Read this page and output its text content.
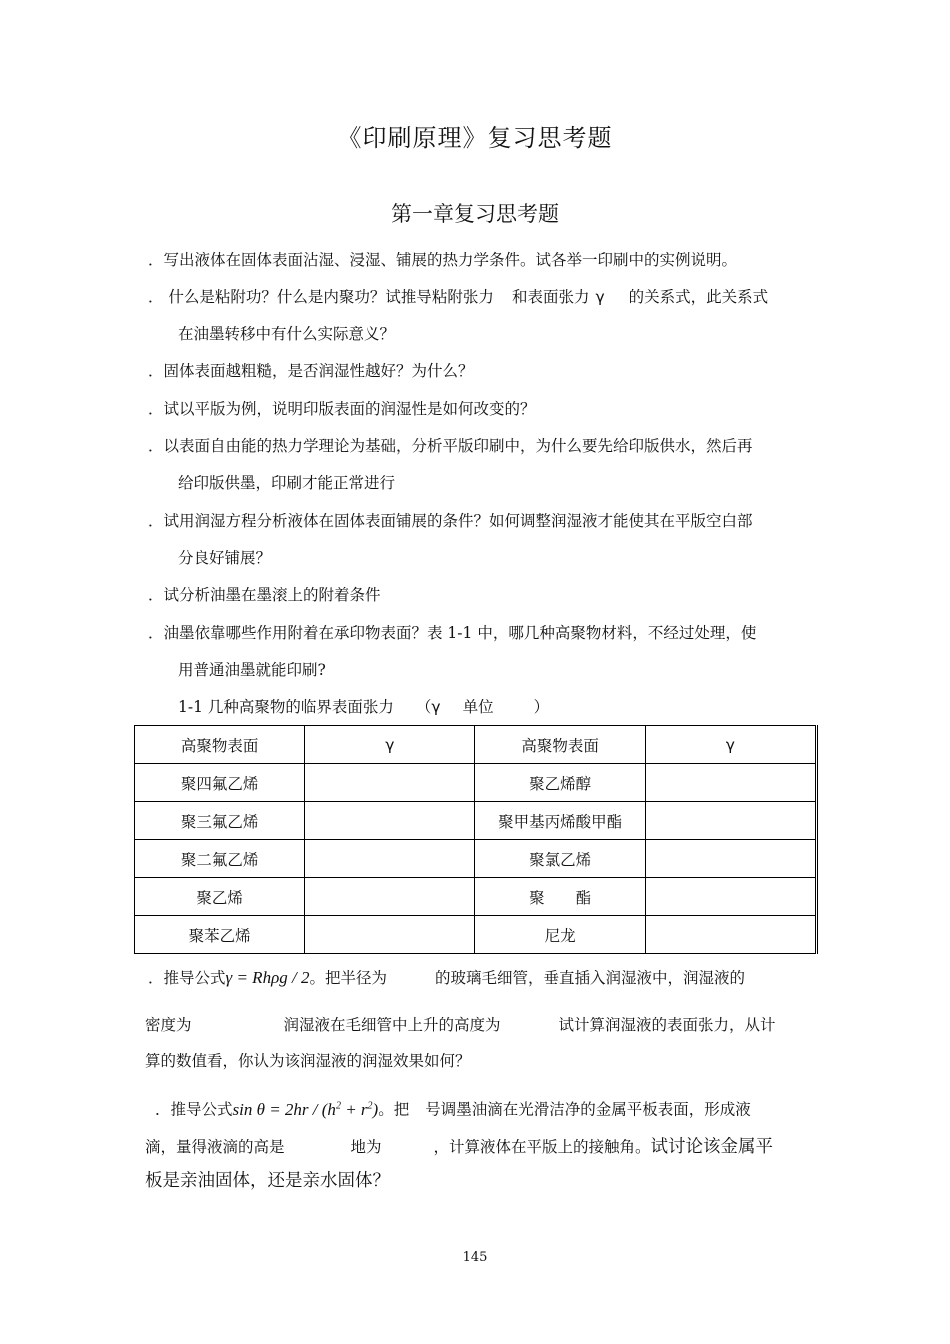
《印刷原理》复习思考题
第一章复习思考题
．写出液体在固体表面沾湿、浸湿、铺展的热力学条件。试各举一印刷中的实例说明。
． 什么是粘附功？什么是内聚功？试推导粘附张力 和表面张力 γ 的关系式，此关系式
在油墨转移中有什么实际意义？
．固体表面越粗糙，是否润湿性越好？为什么？
．试以平版为例，说明印版表面的润湿性是如何改变的？
．以表面自由能的热力学理论为基础，分析平版印刷中，为什么要先给印版供水，然后再
给印版供墨，印刷才能正常进行
．试用润湿方程分析液体在固体表面铺展的条件？如何调整润湿液才能使其在平版空白部
分良好铺展？
．试分析油墨在墨滚上的附着条件
．油墨依靠哪些作用附着在承印物表面？表 1-1 中，哪几种高聚物材料，不经过处理，使
用普通油墨就能印刷?
1-1 几种高聚物的临界表面张力 （γ 单位	）
高聚物表面	γ	高聚物表面	γ
聚四氟乙烯		聚乙烯醇	
聚三氟乙烯		聚甲基丙烯酸甲酯	
聚二氟乙烯		聚氯乙烯	
聚乙烯		聚　　酯	
聚苯乙烯		尼龙	
．推导公式γ = Rhρg / 2。把半径为	的玻璃毛细管，垂直插入润湿液中，润湿液的
密度为	润湿液在毛细管中上升的高度为	试计算润湿液的表面张力，从计
算的数值看，你认为该润湿液的润湿效果如何？
．推导公式$\sin \theta = 2hr / (h^2 + r^2)$。把 号调墨油滴在光滑洁净的金属平板表面，形成液
滴，量得液滴的高是	地为	，计算液体在平版上的接触角。试讨论该金属平
板是亲油固体，还是亲水固体？
145
